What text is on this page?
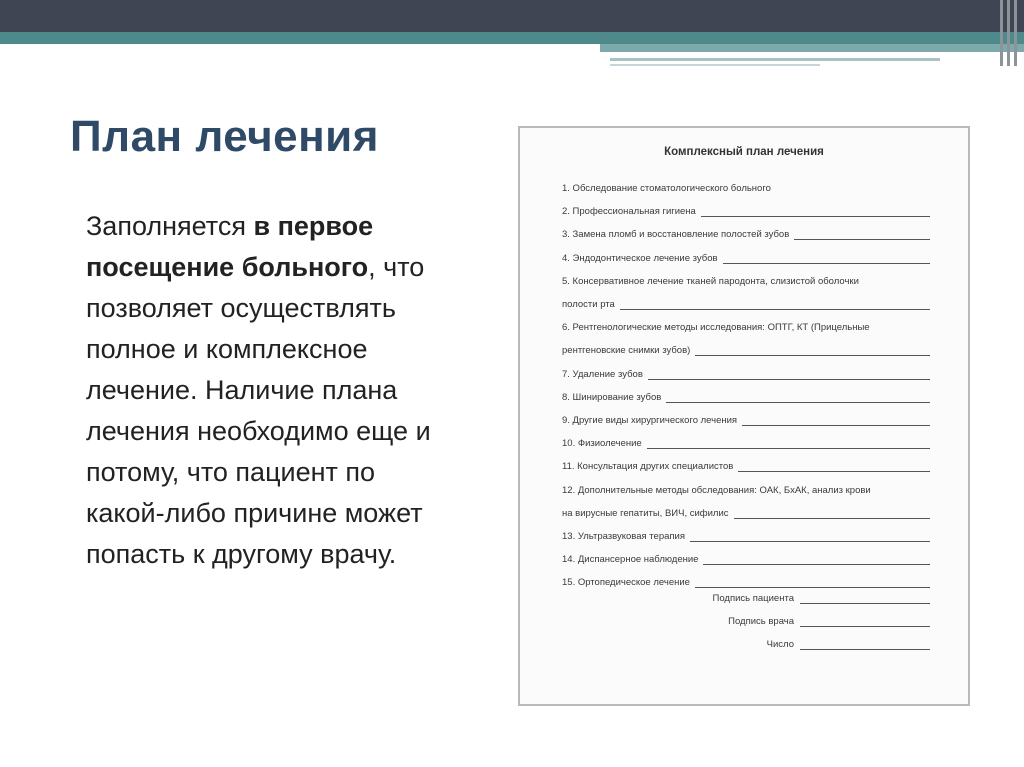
План лечения

Заполняется в первое посещение больного, что позволяет осуществлять полное и комплексное лечение. Наличие плана лечения необходимо еще и потому, что пациент по какой-либо причине может попасть к другому врачу.

Комплексный план лечения
1. Обследование стоматологического больного
2. Профессиональная гигиена
3. Замена пломб и восстановление полостей зубов
4. Эндодонтическое лечение зубов
5. Консервативное лечение тканей пародонта, слизистой оболочки
полости рта
6. Рентгенологические методы исследования: ОПТГ, КТ (Прицельные
рентгеновские снимки зубов)
7. Удаление зубов
8. Шинирование зубов
9. Другие виды хирургического лечения
10. Физиолечение
11. Консультация других специалистов
12. Дополнительные методы обследования: ОАК, БхАК, анализ крови
на вирусные гепатиты, ВИЧ, сифилис
13. Ультразвуковая терапия
14. Диспансерное наблюдение
15. Ортопедическое лечение
Подпись пациента
Подпись врача
Число
